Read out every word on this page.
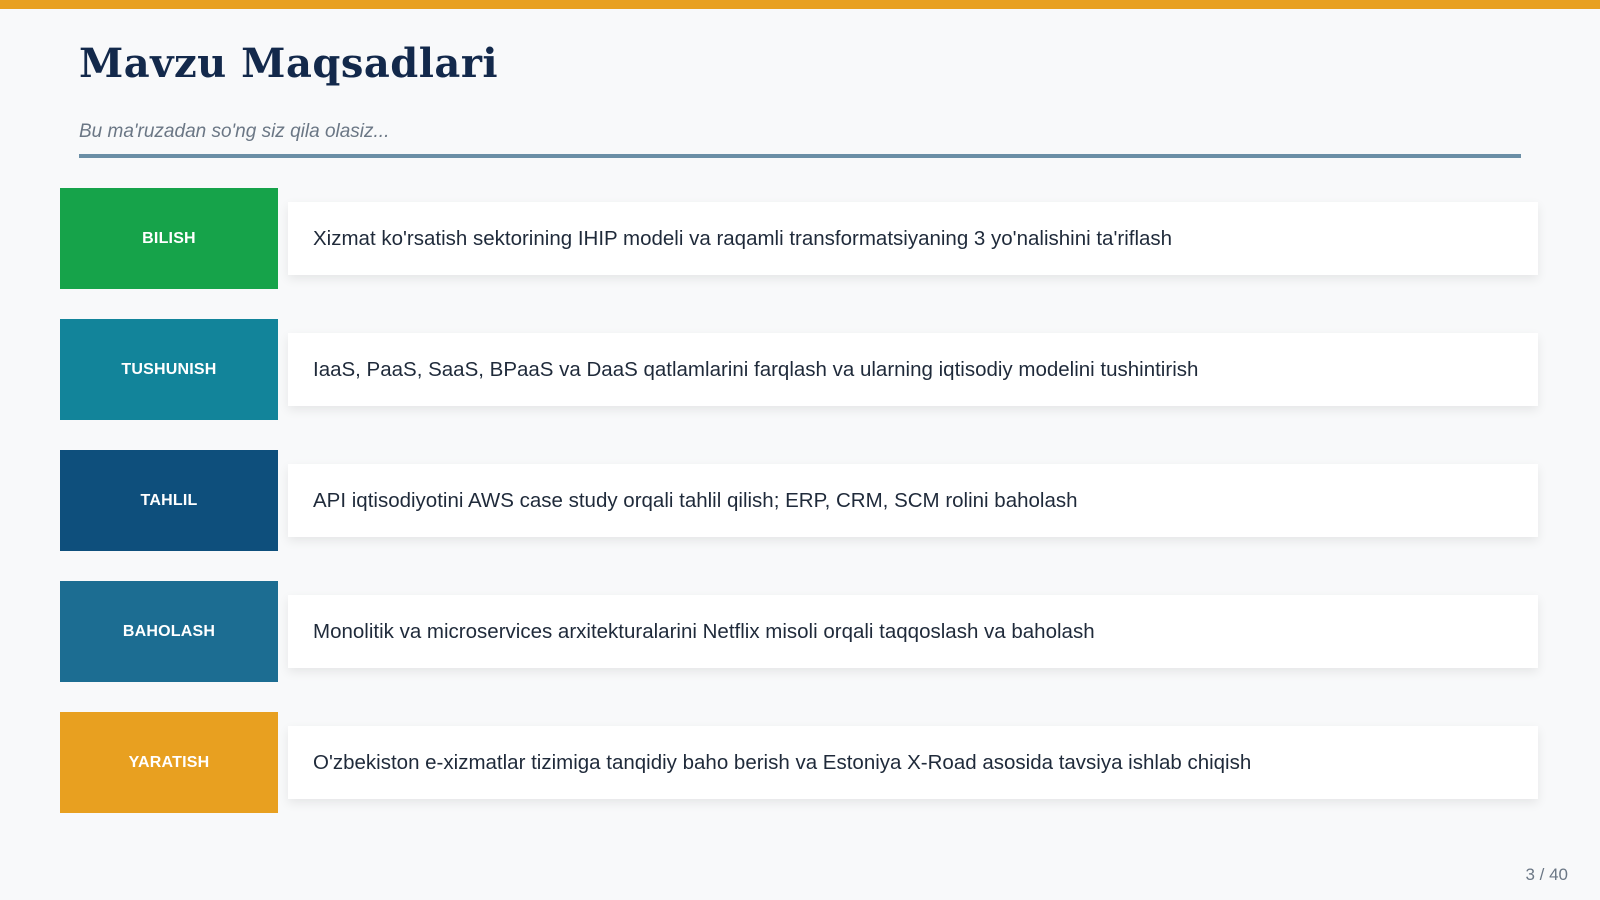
Mavzu Maqsadlari
Bu ma'ruzadan so'ng siz qila olasiz...
BILISH	Xizmat ko'rsatish sektorining IHIP modeli va raqamli transformatsiyaning 3 yo'nalishini ta'riflash
TUSHUNISH	IaaS, PaaS, SaaS, BPaaS va DaaS qatlamlarini farqlash va ularning iqtisodiy modelini tushintirish
TAHLIL	API iqtisodiyotini AWS case study orqali tahlil qilish; ERP, CRM, SCM rolini baholash
BAHOLASH	Monolitik va microservices arxitekturalarini Netflix misoli orqali taqqoslash va baholash
YARATISH	O'zbekiston e-xizmatlar tizimiga tanqidiy baho berish va Estoniya X-Road asosida tavsiya ishlab chiqish
3 / 40
